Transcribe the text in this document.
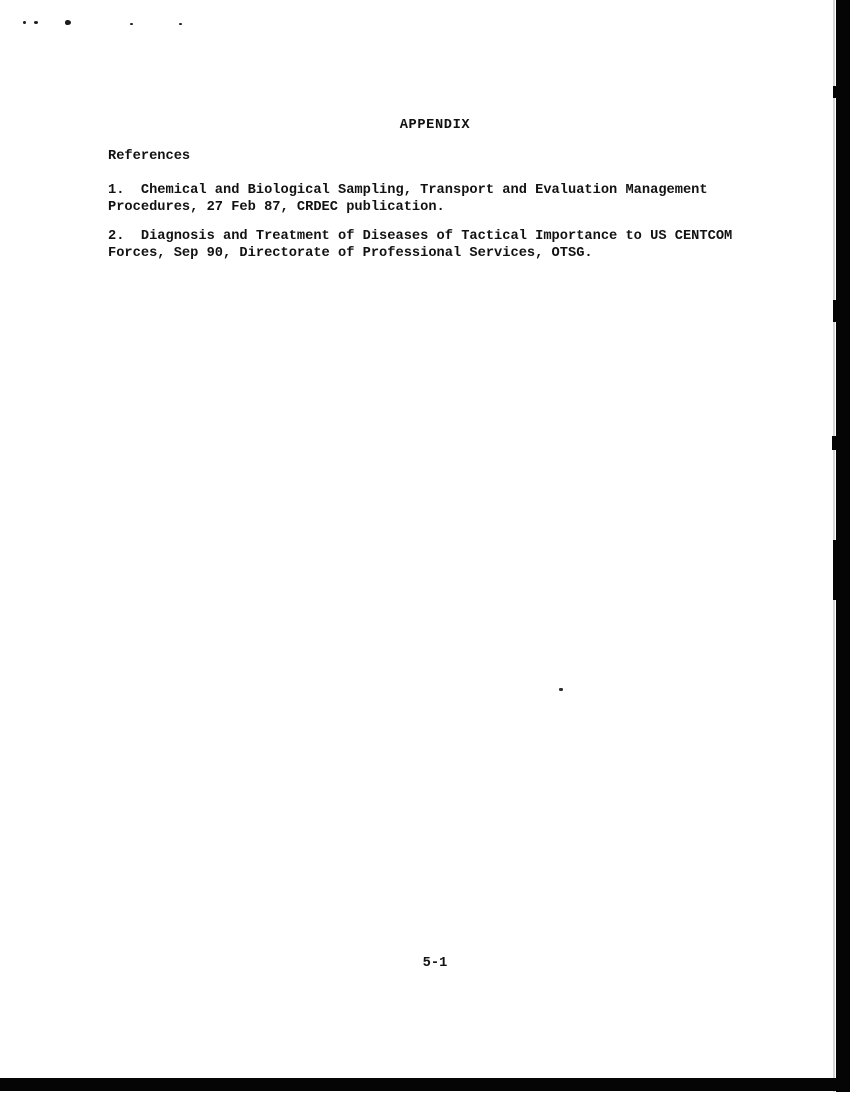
APPENDIX
References
1.  Chemical and Biological Sampling, Transport and Evaluation Management
Procedures, 27 Feb 87, CRDEC publication.
2.  Diagnosis and Treatment of Diseases of Tactical Importance to US CENTCOM
Forces, Sep 90, Directorate of Professional Services, OTSG.
5-1
